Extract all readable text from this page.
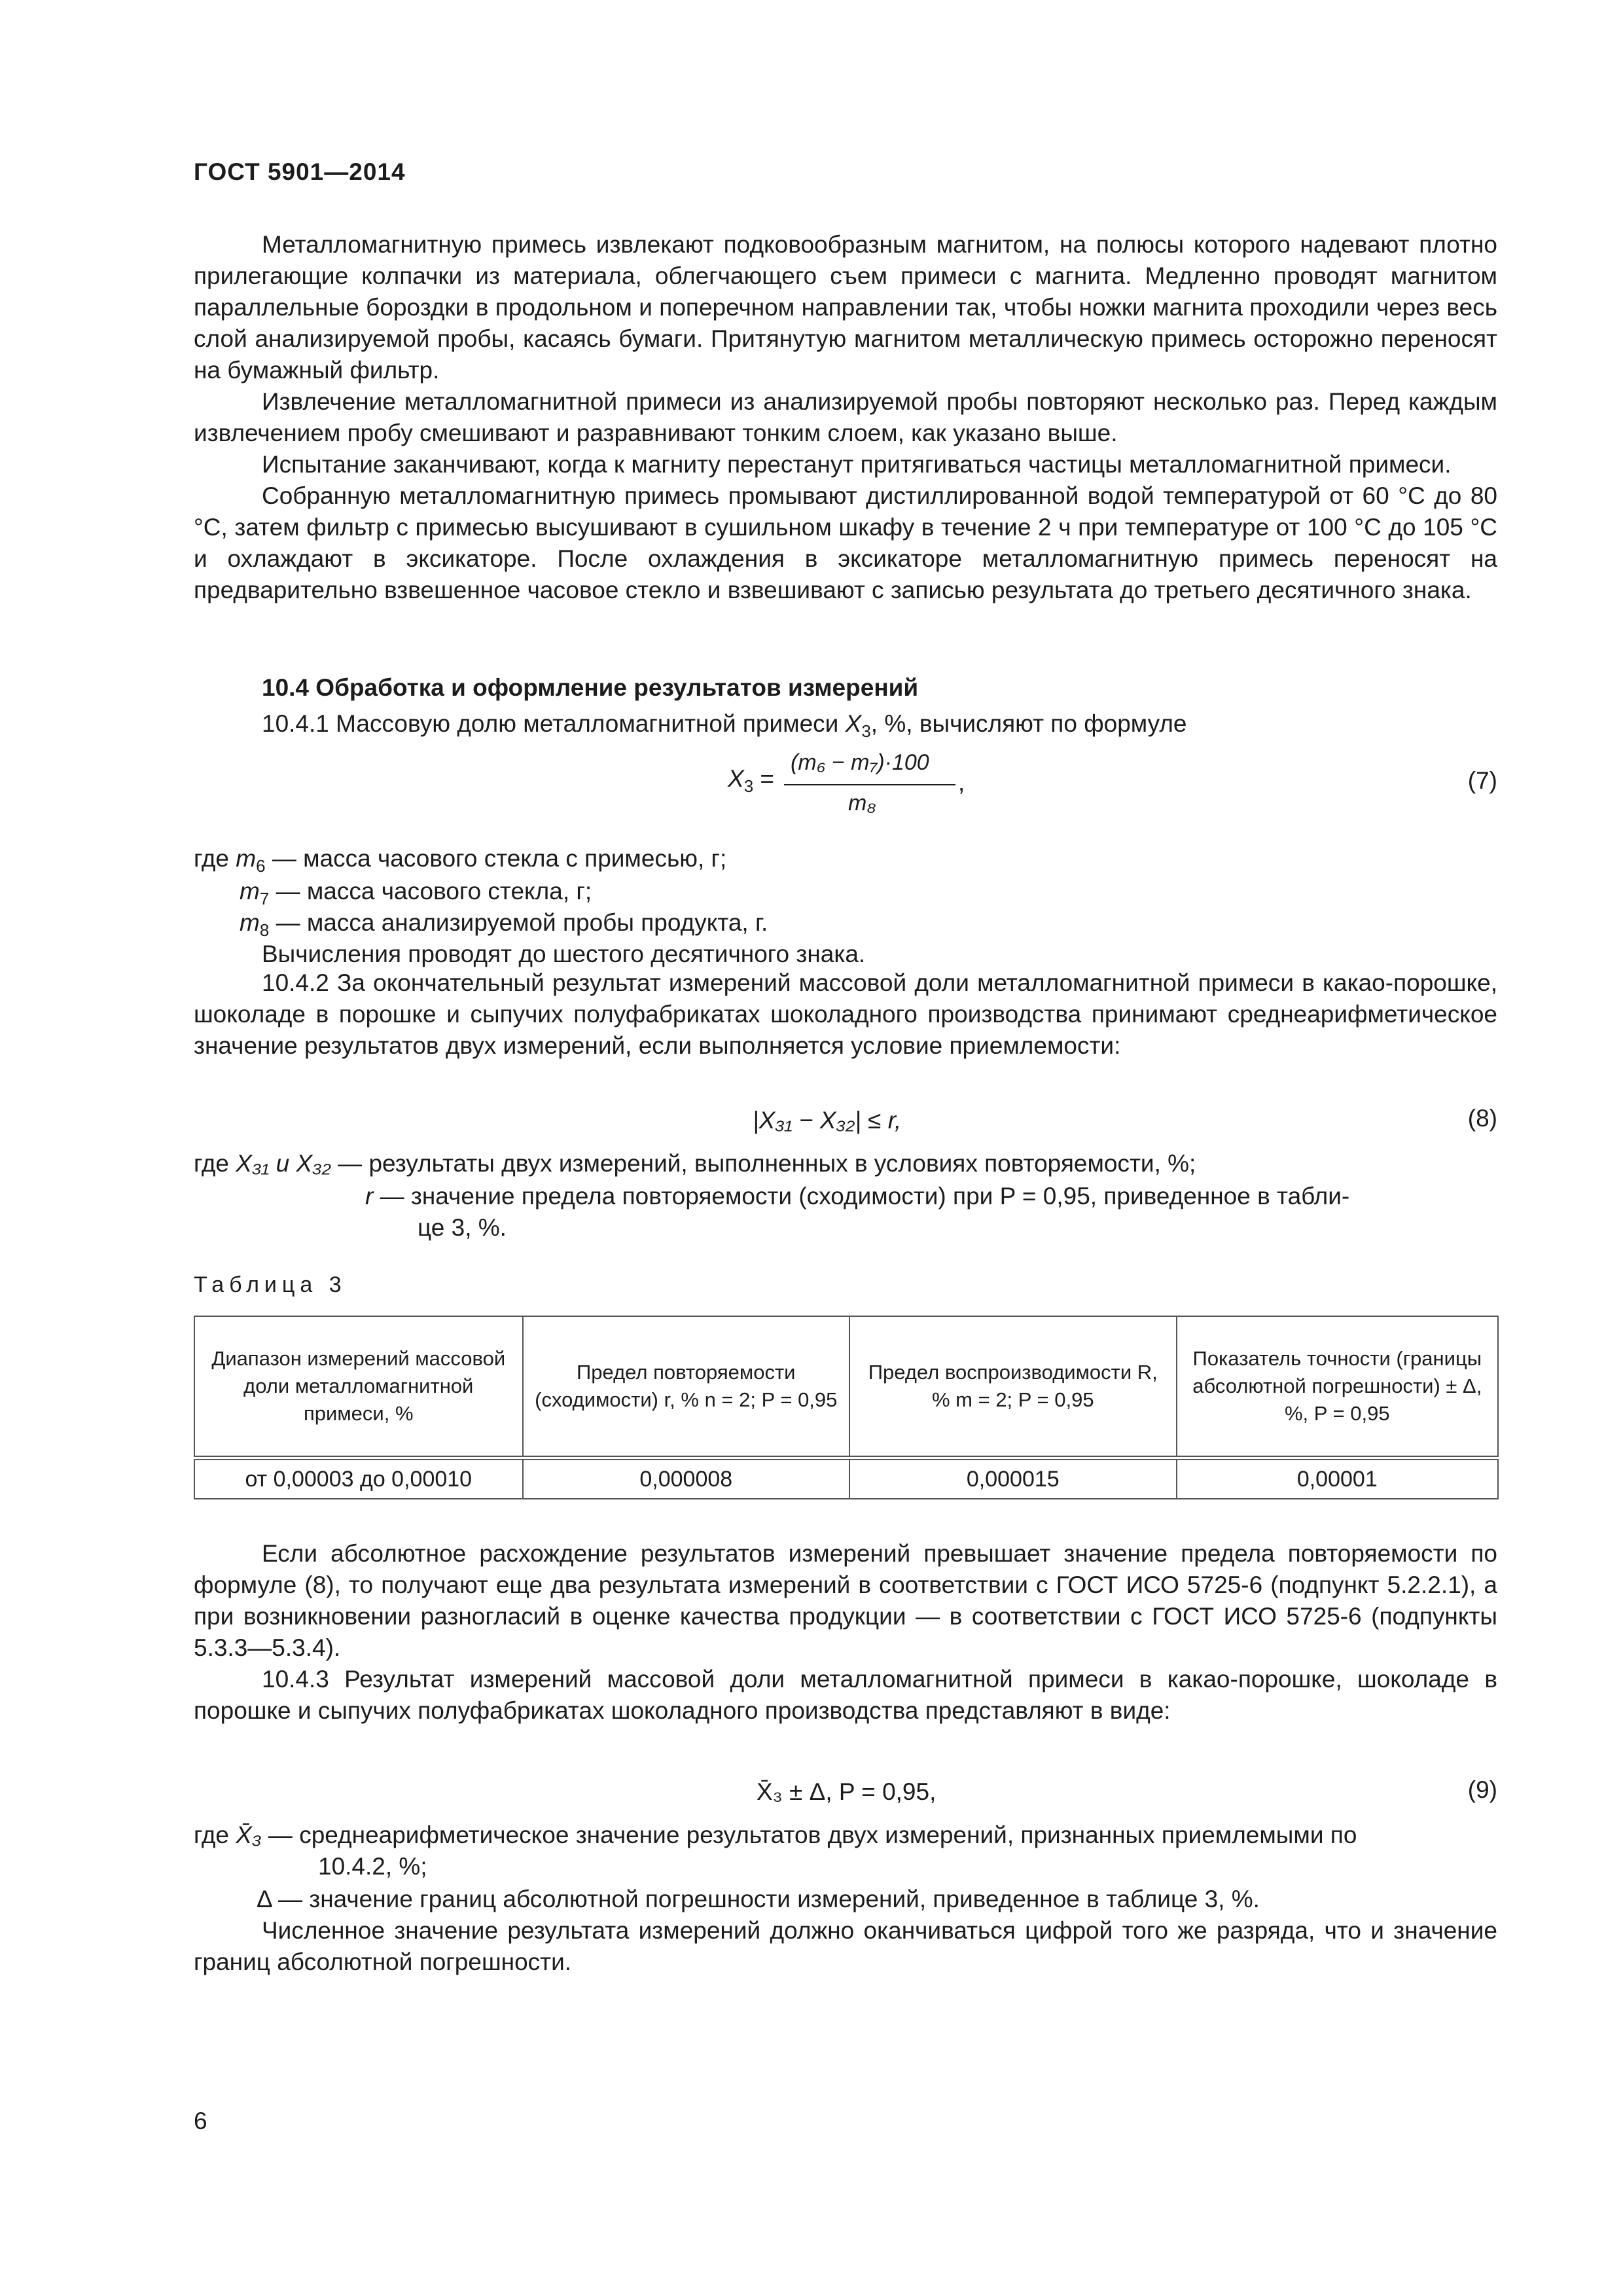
ГОСТ 5901—2014

Металломагнитную примесь извлекают подковообразным магнитом, на полюсы которого надевают плотно прилегающие колпачки из материала, облегчающего съем примеси с магнита. Медленно проводят магнитом параллельные бороздки в продольном и поперечном направлении так, чтобы ножки магнита проходили через весь слой анализируемой пробы, касаясь бумаги. Притянутую магнитом металлическую примесь осторожно переносят на бумажный фильтр.

Извлечение металломагнитной примеси из анализируемой пробы повторяют несколько раз. Перед каждым извлечением пробу смешивают и разравнивают тонким слоем, как указано выше.

Испытание заканчивают, когда к магниту перестанут притягиваться частицы металломагнитной примеси.

Собранную металломагнитную примесь промывают дистиллированной водой температурой от 60 °С до 80 °С, затем фильтр с примесью высушивают в сушильном шкафу в течение 2 ч при температуре от 100 °С до 105 °С и охлаждают в эксикаторе. После охлаждения в эксикаторе металломагнитную примесь переносят на предварительно взвешенное часовое стекло и взвешивают с записью результата до третьего десятичного знака.

10.4 Обработка и оформление результатов измерений
10.4.1 Массовую долю металломагнитной примеси $X_3$, %, вычисляют по формуле
$X_3$ =
(m₆ − m₇)·100
m₈
,	(7)
где $m_6$ — масса часового стекла с примесью, г;
$m_7$ — масса часового стекла, г;
$m_8$ — масса анализируемой пробы продукта, г.
Вычисления проводят до шестого десятичного знака.

10.4.2 За окончательный результат измерений массовой доли металломагнитной примеси в какао-порошке, шоколаде в порошке и сыпучих полуфабрикатах шоколадного производства принимают среднеарифметическое значение результатов двух измерений, если выполняется условие приемлемости:

|X₃₁ − X₃₂| ≤ r,	(8)
где X₃₁ и X₃₂ — результаты двух измерений, выполненных в условиях повторяемости, %;
r — значение предела повторяемости (сходимости) при P = 0,95, приведенное в табли-
це 3, %.
Таблица 3
Диапазон измерений массовой доли металломагнитной примеси, %	Предел повторяемости (сходимости) r, % n = 2; P = 0,95	Предел воспроизводимости R, % m = 2; P = 0,95	Показатель точности (границы абсолютной погрешности) ± Δ, %, P = 0,95
от 0,00003 до 0,00010	0,000008	0,000015	0,00001

Если абсолютное расхождение результатов измерений превышает значение предела повторяемости по формуле (8), то получают еще два результата измерений в соответствии с ГОСТ ИСО 5725-6 (подпункт 5.2.2.1), а при возникновении разногласий в оценке качества продукции — в соответствии с ГОСТ ИСО 5725-6 (подпункты 5.3.3—5.3.4).

10.4.3 Результат измерений массовой доли металломагнитной примеси в какао-порошке, шоколаде в порошке и сыпучих полуфабрикатах шоколадного производства представляют в виде:

X̄₃ ± Δ, P = 0,95,	(9)
где X̄₃ — среднеарифметическое значение результатов двух измерений, признанных приемлемыми по
10.4.2, %;
Δ — значение границ абсолютной погрешности измерений, приведенное в таблице 3, %.

Численное значение результата измерений должно оканчиваться цифрой того же разряда, что и значение границ абсолютной погрешности.

6
